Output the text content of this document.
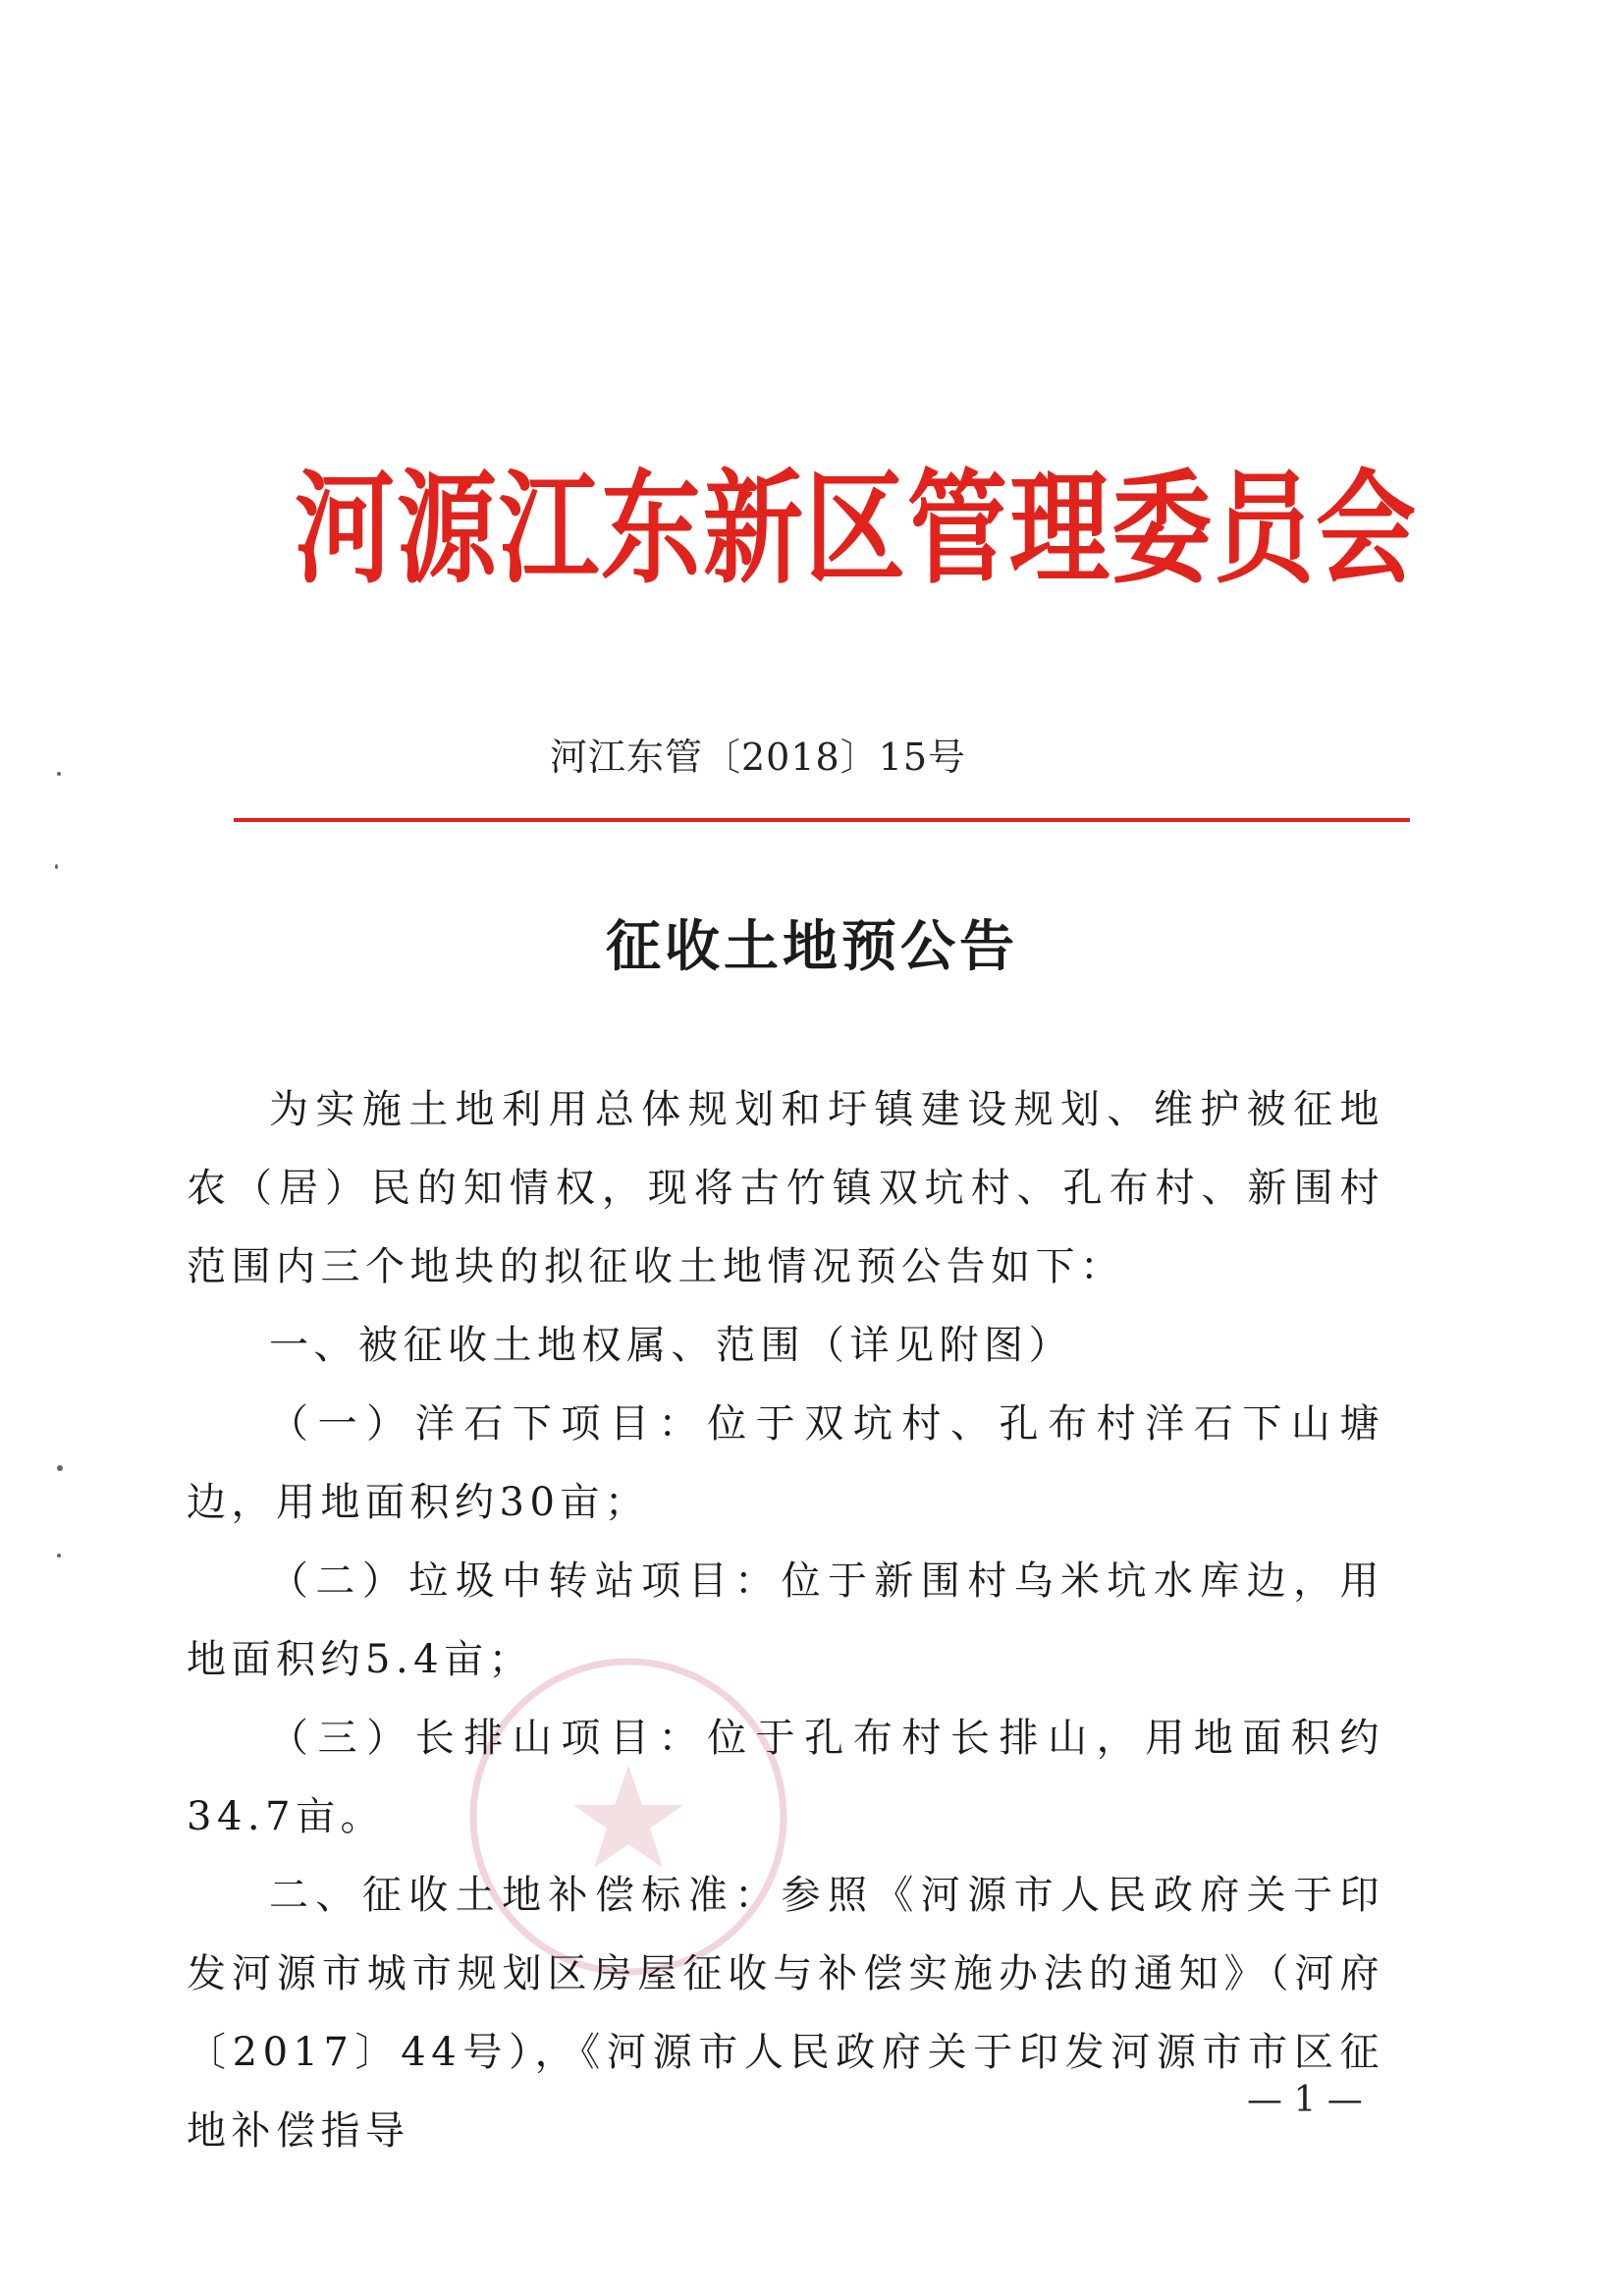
河源江东新区管理委员会
河江东管〔2018〕15号
征收土地预公告

为实施土地利用总体规划和圩镇建设规划、维护被征地农（居）民的知情权，现将古竹镇双坑村、孔布村、新围村范围内三个地块的拟征收土地情况预公告如下：

一、被征收土地权属、范围（详见附图）

（一）洋石下项目：位于双坑村、孔布村洋石下山塘边，用地面积约30亩；

（二）垃圾中转站项目：位于新围村乌米坑水库边，用地面积约5.4亩；

（三）长排山项目：位于孔布村长排山，用地面积约34.7亩。

二、征收土地补偿标准：参照《河源市人民政府关于印发河源市城市规划区房屋征收与补偿实施办法的通知》（河府〔2017〕44号），《河源市人民政府关于印发河源市市区征地补偿指导

— 1 —
